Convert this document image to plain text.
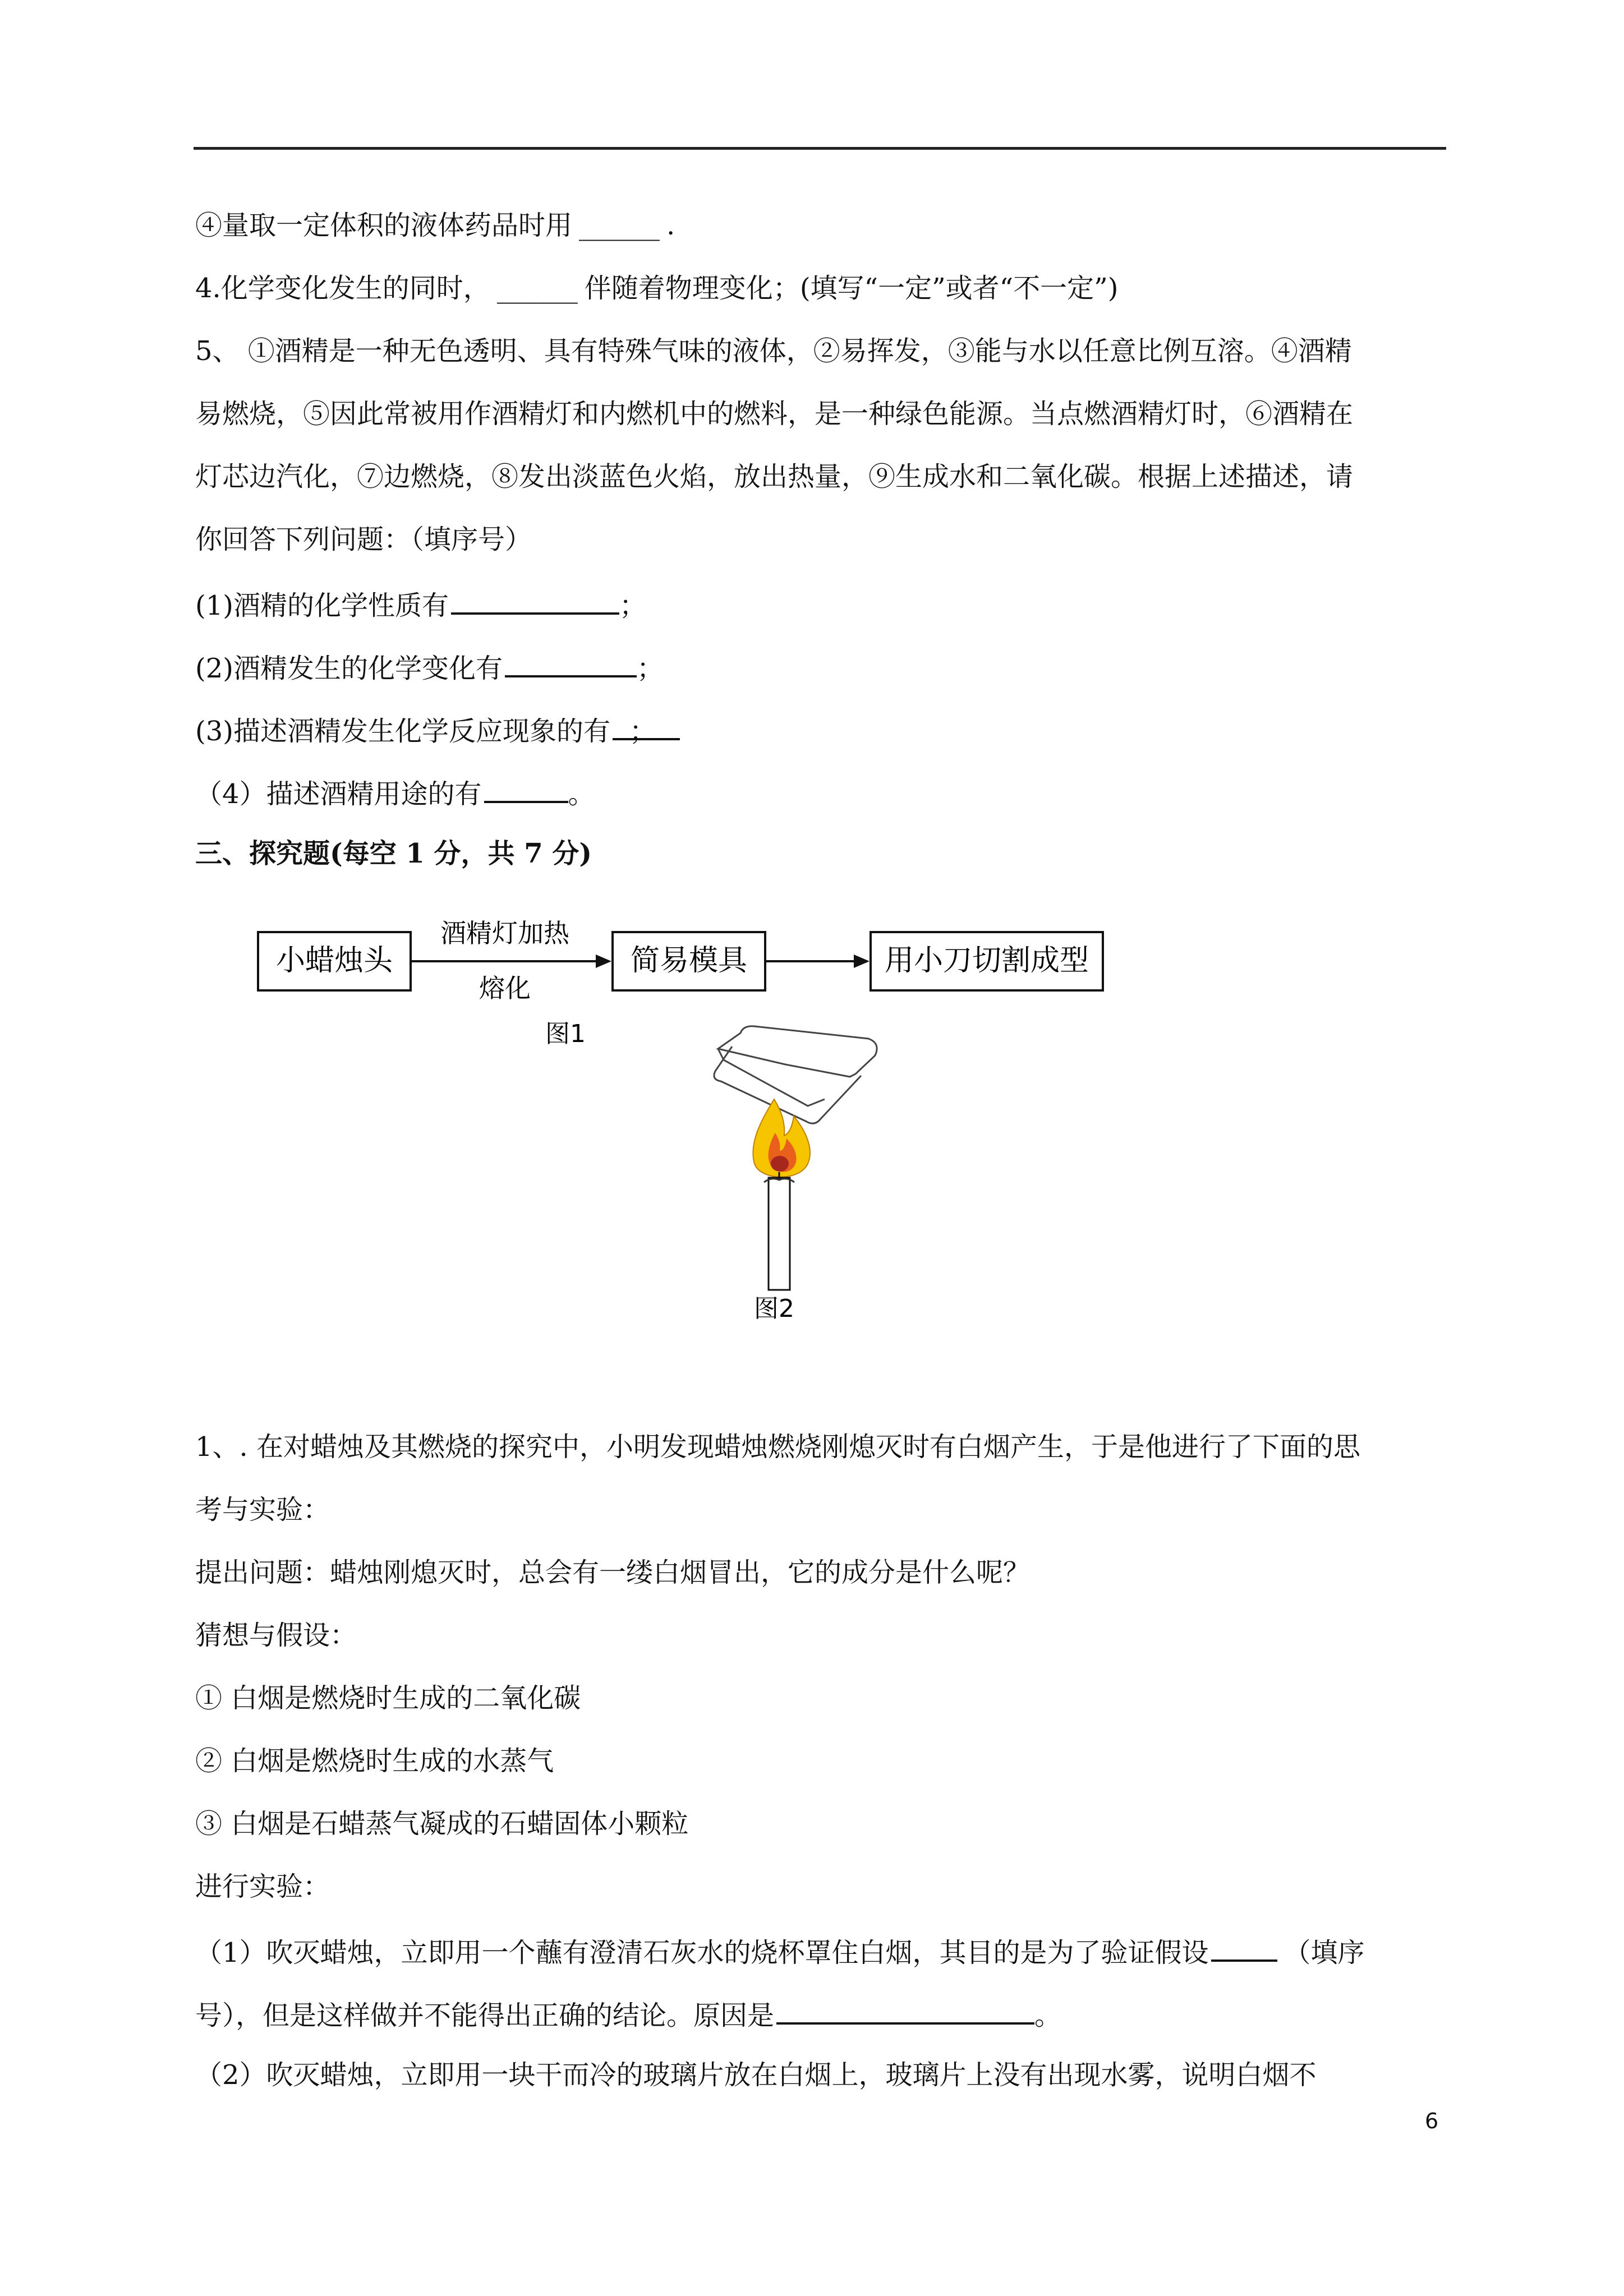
④量取一定体积的液体药品时用 ______ .
4.化学变化发生的同时， ______ 伴随着物理变化；(填写“一定”或者“不一定”)
5、 ①酒精是一种无色透明、具有特殊气味的液体，②易挥发，③能与水以任意比例互溶。④酒精
易燃烧，⑤因此常被用作酒精灯和内燃机中的燃料，是一种绿色能源。当点燃酒精灯时，⑥酒精在
灯芯边汽化，⑦边燃烧，⑧发出淡蓝色火焰，放出热量，⑨生成水和二氧化碳。根据上述描述，请
你回答下列问题：（填序号）
(1)酒精的化学性质有	；
(2)酒精发生的化学变化有	；
(3)描述酒精发生化学反应现象的有 ；
（4）描述酒精用途的有	。
三、探究题(每空 1 分，共 7 分)
小蜡烛头
酒精灯加热
熔化
简易模具	用小刀切割成型
图1
图2
1、. 在对蜡烛及其燃烧的探究中，小明发现蜡烛燃烧刚熄灭时有白烟产生，于是他进行了下面的思
考与实验：
提出问题：蜡烛刚熄灭时，总会有一缕白烟冒出，它的成分是什么呢？
猜想与假设：
① 白烟是燃烧时生成的二氧化碳
② 白烟是燃烧时生成的水蒸气
③ 白烟是石蜡蒸气凝成的石蜡固体小颗粒
进行实验：
（1）吹灭蜡烛，立即用一个蘸有澄清石灰水的烧杯罩住白烟，其目的是为了验证假设	（填序
号），但是这样做并不能得出正确的结论。原因是	。
（2）吹灭蜡烛，立即用一块干而冷的玻璃片放在白烟上，玻璃片上没有出现水雾，说明白烟不
6
